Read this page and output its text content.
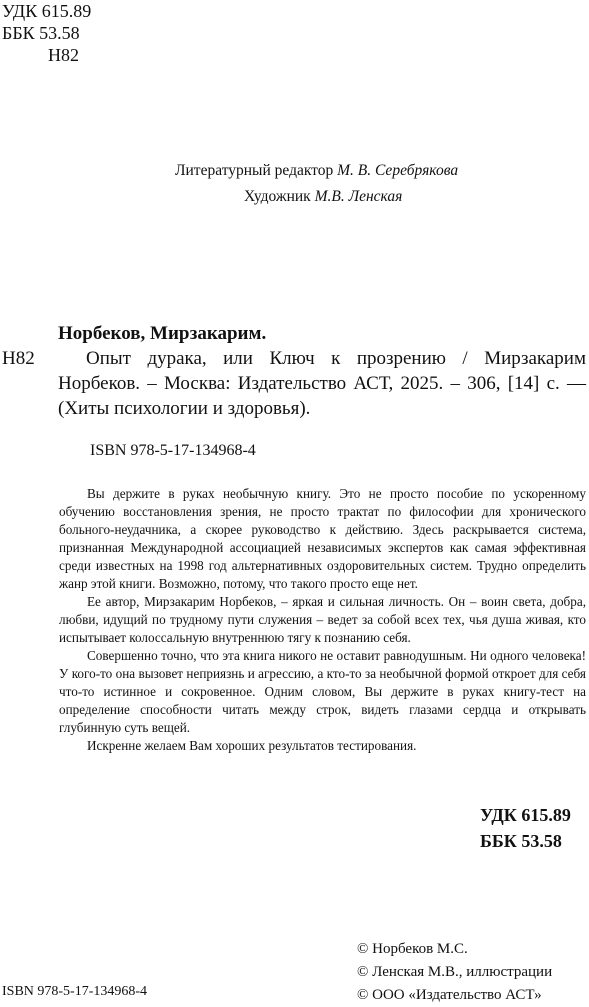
УДК 615.89
ББК 53.58
Н82
Литературный редактор М. В. Серебрякова
Художник М.В. Ленская
Норбеков, Мирзакарим.
Н82	Опыт дурака, или Ключ к прозрению / Мирзакарим Норбеков. – Москва: Издательство АСТ, 2025. – 306, [14] с. — (Хиты психологии и здоровья).
ISBN 978-5-17-134968-4

Вы держите в руках необычную книгу. Это не просто пособие по ускоренному обучению восстановления зрения, не просто трактат по философии для хронического больного-неудачника, а скорее руководство к действию. Здесь раскрывается система, признанная Международной ассоциацией независимых экспертов как самая эффективная среди известных на 1998 год альтернативных оздоровительных систем. Трудно определить жанр этой книги. Возможно, потому, что такого просто еще нет.

Ее автор, Мирзакарим Норбеков, – яркая и сильная личность. Он – воин света, добра, любви, идущий по трудному пути служения – ведет за собой всех тех, чья душа живая, кто испытывает колоссальную внутреннюю тягу к познанию себя.

Совершенно точно, что эта книга никого не оставит равнодушным. Ни одного человека! У кого-то она вызовет неприязнь и агрессию, а кто-то за необычной формой откроет для себя что-то истинное и сокровенное. Одним словом, Вы держите в руках книгу-тест на определение способности читать между строк, видеть глазами сердца и открывать глубинную суть вещей.

Искренне желаем Вам хороших результатов тестирования.

УДК 615.89
ББК 53.58
© Норбеков М.С.
© Ленская М.В., иллюстрации
© ООО «Издательство АСТ»
ISBN 978-5-17-134968-4
